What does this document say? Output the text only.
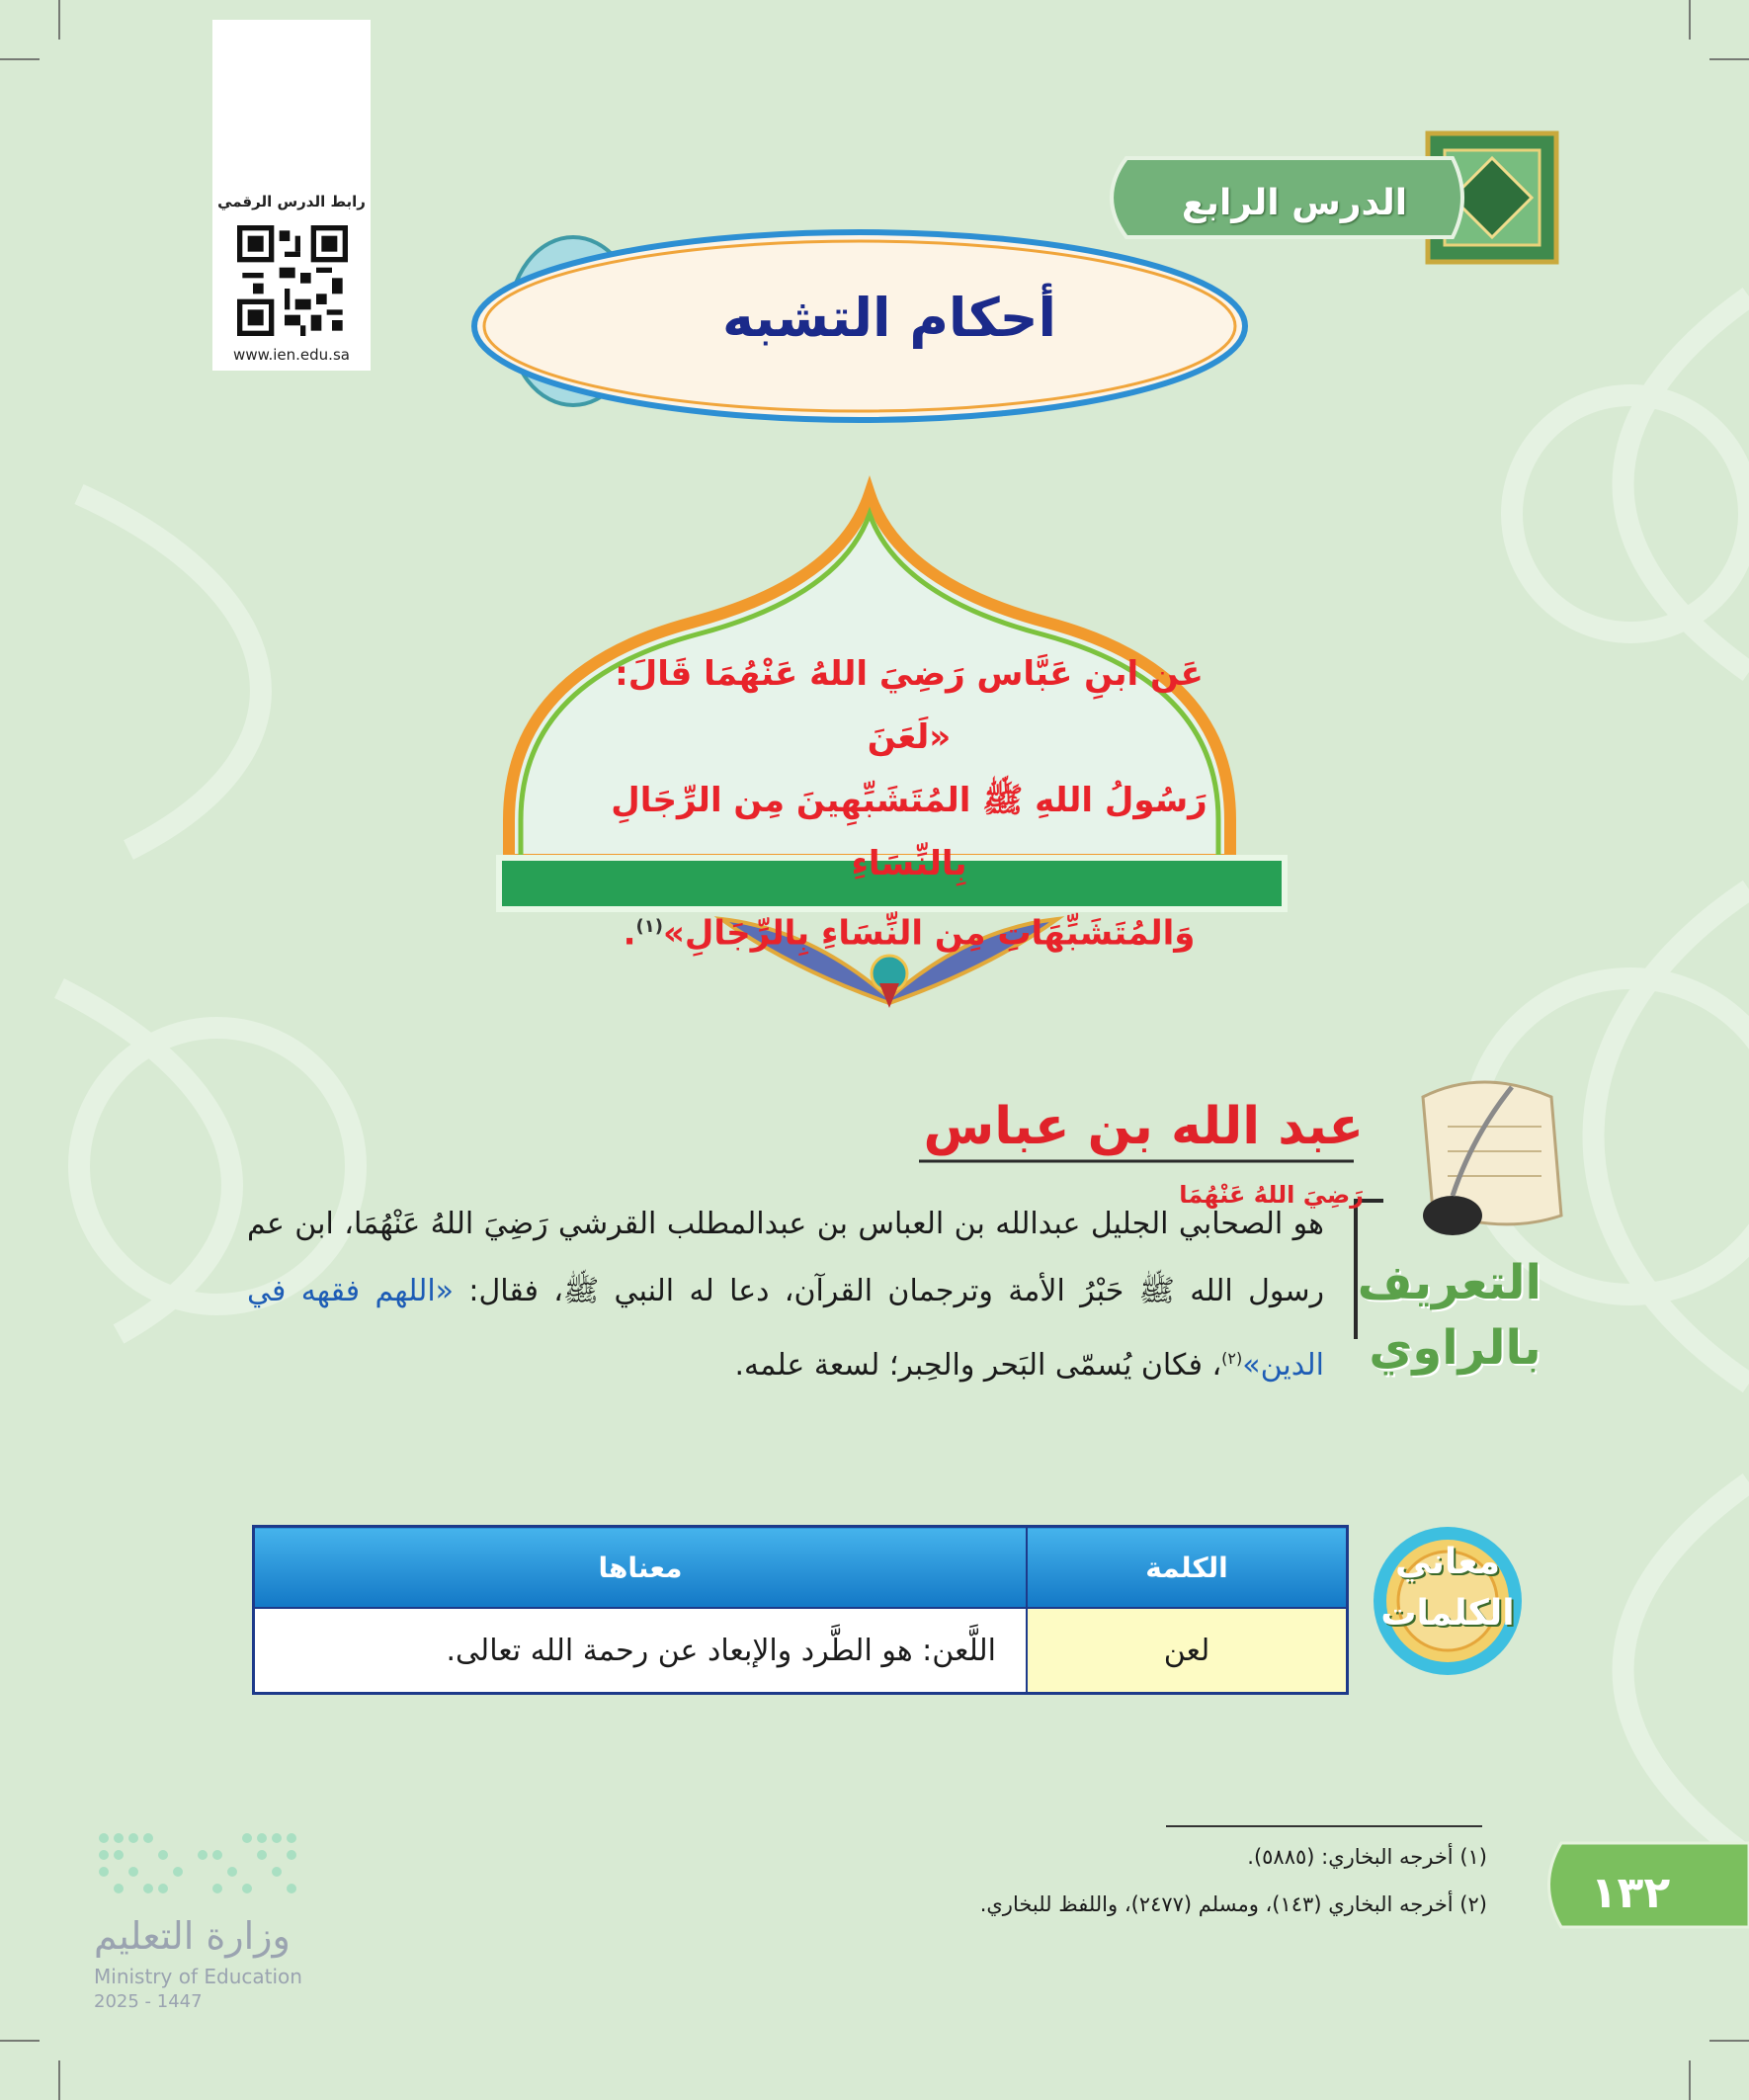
رابط الدرس الرقمي
www.ien.edu.sa
الدرس الرابع
أحكام التشبه
عَن ابنِ عَبَّاس رَضِيَ اللهُ عَنْهُمَا قَالَ: «لَعَنَ
رَسُولُ اللهِ ﷺ المُتَشَبِّهِينَ مِن الرِّجَالِ بِالنِّسَاءِ
وَالمُتَشَبِّهَاتِ مِن النِّسَاءِ بِالرِّجَالِ»$^{(١)}$.
عبد الله بن عباس رَضِيَ اللهُ عَنْهُمَا
التعريف
بالراوي
هو الصحابي الجليل عبدالله بن العباس بن عبدالمطلب القرشي رَضِيَ اللهُ عَنْهُمَا، ابن عم رسول الله ﷺ حَبْرُ الأمة وترجمان القرآن، دعا له النبي ﷺ، فقال: «اللهم فقهه في الدين»$^{(٢)}$، فكان يُسمّى البَحر والحِبر؛ لسعة علمه.
معاني
الكلمات
الكلمة	معناها
لعن	اللَّعن: هو الطَّرد والإبعاد عن رحمة الله تعالى.
(١) أخرجه البخاري: (٥٨٨٥).
(٢) أخرجه البخاري (١٤٣)، ومسلم (٢٤٧٧)، واللفظ للبخاري.	١٣٢
وزارة التعليم
Ministry of Education
2025 - 1447
